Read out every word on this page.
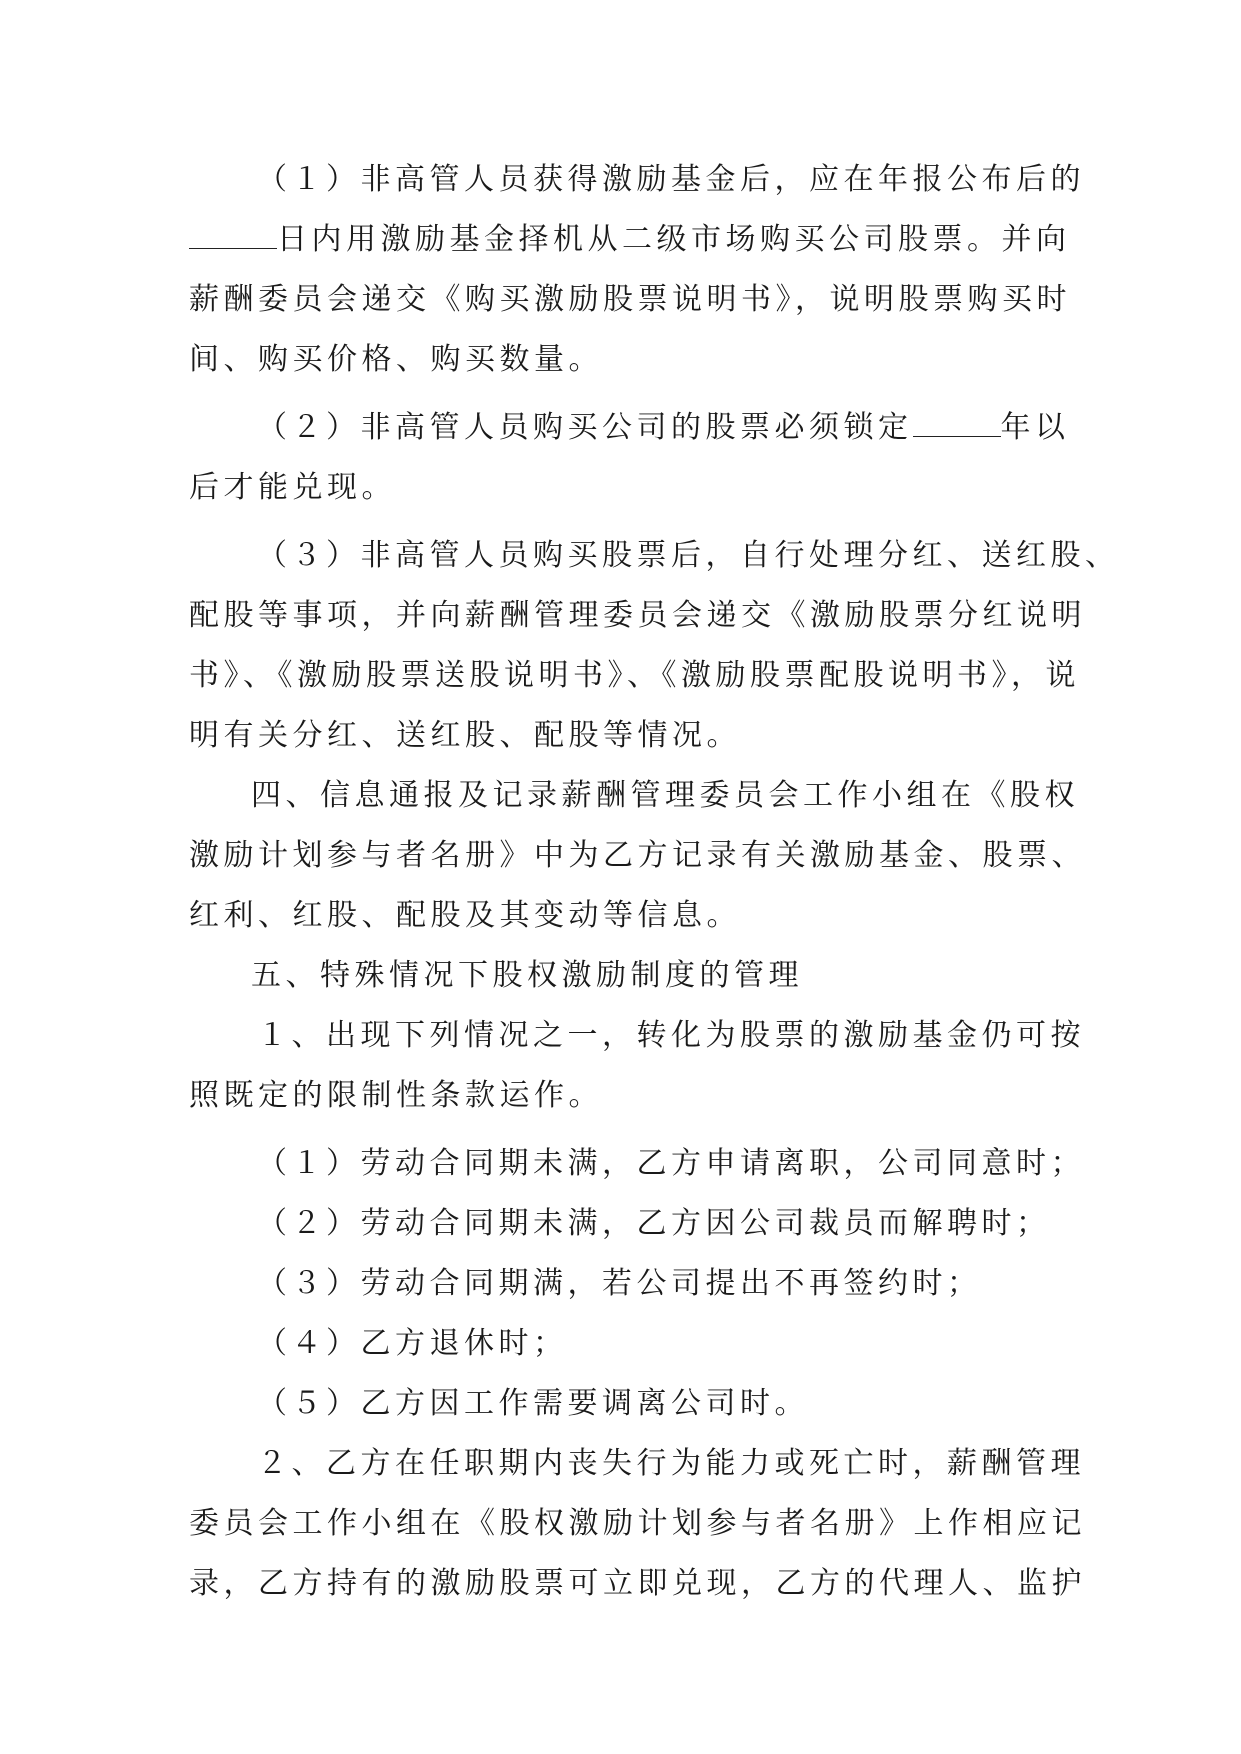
（１）非高管人员获得激励基金后，应在年报公布后的
日内用激励基金择机从二级市场购买公司股票。并向
薪酬委员会递交《购买激励股票说明书》，说明股票购买时
间、购买价格、购买数量。
（２）非高管人员购买公司的股票必须锁定	年以
后才能兑现。
（３）非高管人员购买股票后，自行处理分红、送红股、
配股等事项，并向薪酬管理委员会递交《激励股票分红说明
书》、《激励股票送股说明书》、《激励股票配股说明书》，说
明有关分红、送红股、配股等情况。
四、信息通报及记录薪酬管理委员会工作小组在《股权
激励计划参与者名册》中为乙方记录有关激励基金、股票、
红利、红股、配股及其变动等信息。
五、特殊情况下股权激励制度的管理
１、出现下列情况之一，转化为股票的激励基金仍可按
照既定的限制性条款运作。
（１）劳动合同期未满，乙方申请离职，公司同意时；
（２）劳动合同期未满，乙方因公司裁员而解聘时；
（３）劳动合同期满，若公司提出不再签约时；
（４）乙方退休时；
（５）乙方因工作需要调离公司时。
２、乙方在任职期内丧失行为能力或死亡时，薪酬管理
委员会工作小组在《股权激励计划参与者名册》上作相应记
录，乙方持有的激励股票可立即兑现，乙方的代理人、监护
